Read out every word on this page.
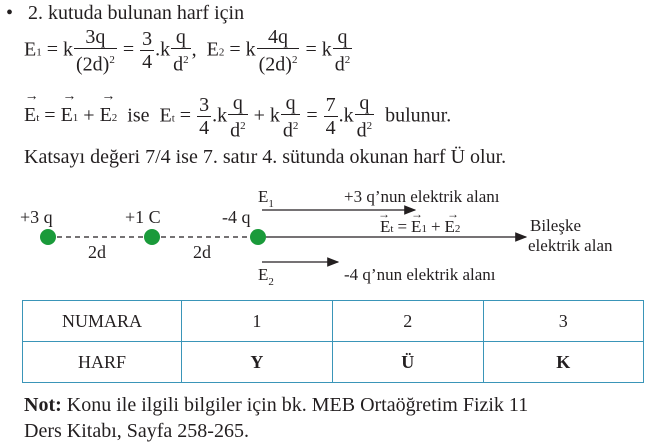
• 2. kutuda bulunan harf için
E1 = k $\frac{3q}{(2d)^2} = \frac{3}{4} .k \frac{q}{d^2}$ ,  E2 = k $\frac{4q}{(2d)^2} = k \frac{q}{d^2}$
→ Et = → E1 + → E2 ise $Et = \frac{3}{4} .k \frac{q}{d^2} + k \frac{q}{d^2} = \frac{7}{4} .k \frac{q}{d^2}$ bulunur.
Katsayı değeri 7/4 ise 7. satır 4. sütunda okunan harf Ü olur.
+3 q	+1 C	-4 q
2d	2d
$E_1$	+3 q’nun elektrik alanı
Et = E1 + E2
→       →        →
Bileşke
elektrik alan
$E_2$	-4 q’nun elektrik alanı
NUMARA	1	2	3
HARF	Y	Ü	K
Not: Konu ile ilgili bilgiler için bk. MEB Ortaöğretim Fizik 11
Ders Kitabı, Sayfa 258-265.
